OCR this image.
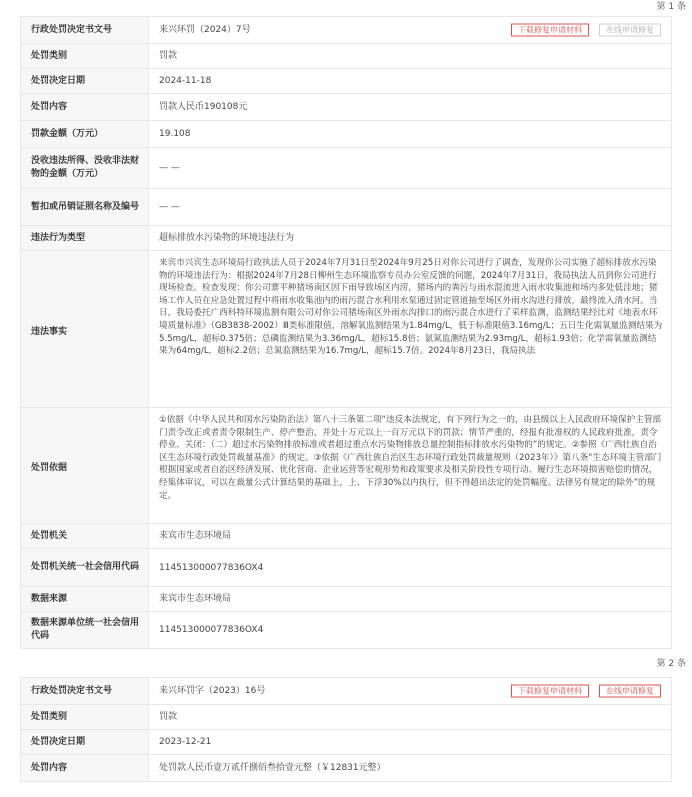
第 1 条
行政处罚决定书文号	来兴环罚（2024）7号 下载修复申请材料 在线申请修复

处罚类别	罚款
处罚决定日期	2024-11-18
处罚内容	罚款人民币190108元
罚款金额（万元）	19.108
没收违法所得、没收非法财物的金额（万元）	— —
暂扣或吊销证照名称及编号	— —
违法行为类型	超标排放水污染物的环境违法行为
违法事实	来宾市兴宾生态环境局行政执法人员于2024年7月31日至2024年9月25日对你公司进行了调查，发现你公司实施了超标排放水污染物的环境违法行为：根据2024年7月28日柳州生态环境监察专员办公室反馈的问题，2024年7月31日，我局执法人员到你公司进行现场检查。检查发现：你公司寨平种猪场南区因下雨导致场区内涝，猪场内的粪污与雨水混流进入雨水收集池和场内多处低洼地；猪场工作人员在应急处置过程中将雨水收集池内的雨污混合水利用水泵通过固定管道抽至场区外雨水沟进行排放，最终流入清水河。当日，我局委托广西科特环境监测有限公司对你公司猪场南区外雨水沟排口的雨污混合水进行了采样监测，监测结果经比对《地表水环境质量标准》（GB3838-2002）Ⅲ类标准限值，溶解氧监测结果为1.84mg/L，低于标准限值3.16mg/L；五日生化需氧量监测结果为5.5mg/L，超标0.375倍；总磷监测结果为3.36mg/L，超标15.8倍；氨氮监测结果为2.93mg/L，超标1.93倍；化学需氧量监测结果为64mg/L，超标2.2倍；总氮监测结果为16.7mg/L，超标15.7倍。2024年8月23日，我局执法
处罚依据	①依据《中华人民共和国水污染防治法》第八十三条第二项“违反本法规定，有下列行为之一的，由县级以上人民政府环境保护主管部门责令改正或者责令限制生产、停产整治，并处十万元以上一百万元以下的罚款；情节严重的，经报有批准权的人民政府批准，责令停业、关闭：（二）超过水污染物排放标准或者超过重点水污染物排放总量控制指标排放水污染物的”的规定。②参照《广西壮族自治区生态环境行政处罚裁量基准》的规定。③依据《广西壮族自治区生态环境行政处罚裁量规则（2023年）》第八条“生态环境主管部门根据国家或者自治区经济发展、优化营商、企业运营等宏观形势和政策要求及相关阶段性专项行动、履行生态环境损害赔偿的情况，经集体审议，可以在裁量公式计算结果的基础上，上、下浮30%以内执行，但不得超出法定的处罚幅度。法律另有规定的除外”的规定。
处罚机关	来宾市生态环境局
处罚机关统一社会信用代码	114513000077836OX4
数据来源	来宾市生态环境局
数据来源单位统一社会信用代码	114513000077836OX4
第 2 条
行政处罚决定书文号	来兴环罚字（2023）16号 下载修复申请材料 在线申请修复

处罚类别	罚款
处罚决定日期	2023-12-21
处罚内容	处罚款人民币壹万贰仟捌佰叁拾壹元整（￥12831元整）
